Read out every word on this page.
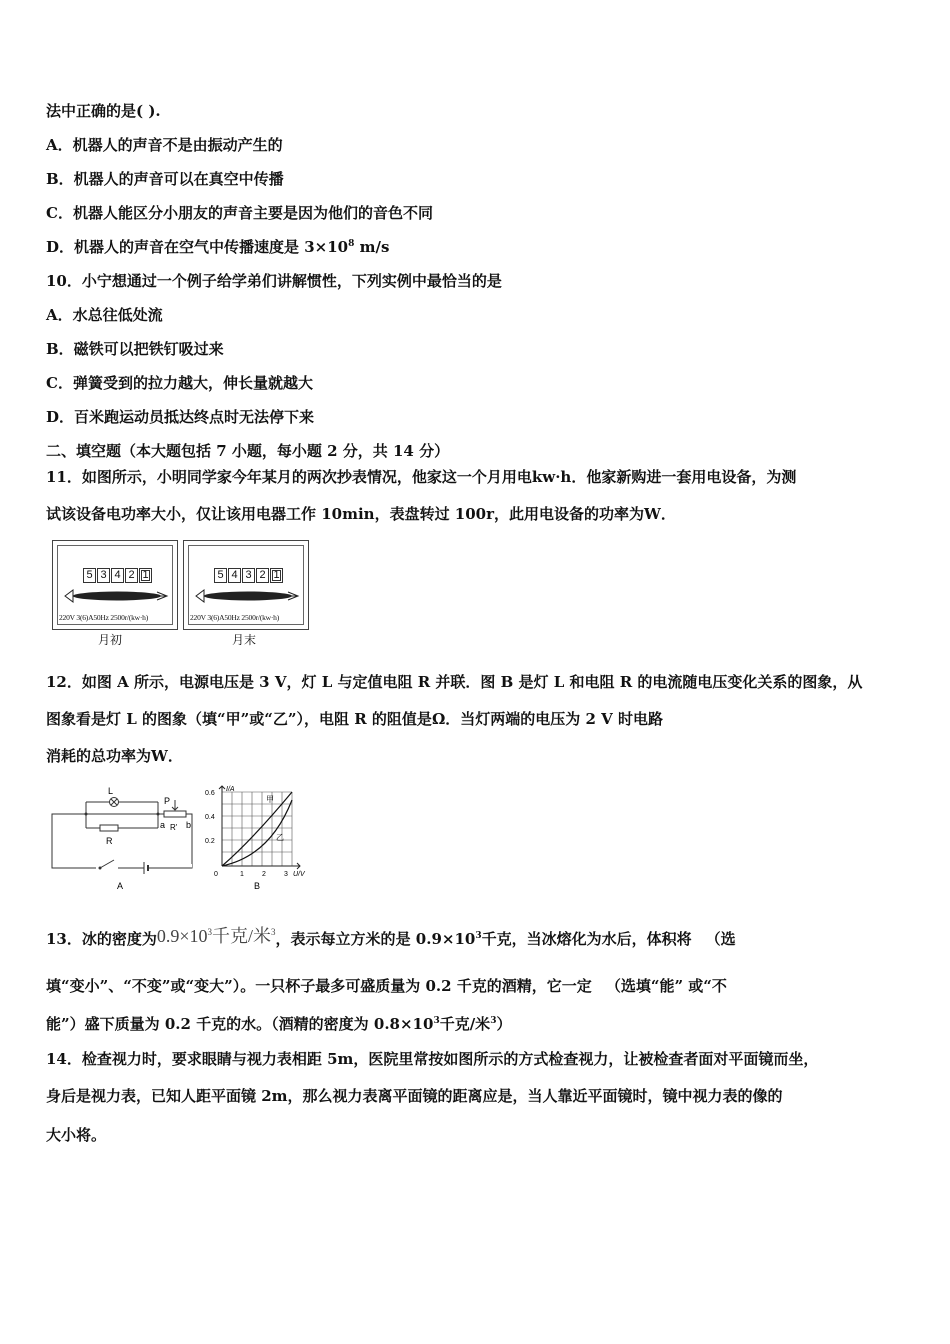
法中正确的是( ).
A．机器人的声音不是由振动产生的
B．机器人的声音可以在真空中传播
C．机器人能区分小朋友的声音主要是因为他们的音色不同
D．机器人的声音在空气中传播速度是 $3\times 10^8$ m/s
10．小宁想通过一个例子给学弟们讲解惯性，下列实例中最恰当的是
A．水总往低处流
B．磁铁可以把铁钉吸过来
C．弹簧受到的拉力越大，伸长量就越大
D．百米跑运动员抵达终点时无法停下来
二、填空题（本大题包括 7 小题，每小题 2 分，共 14 分）
11．如图所示，小明同学家今年某月的两次抄表情况，他家这一个月用电kw·h．他家新购进一套用电设备，为测
试该设备电功率大小，仅让该用电器工作 10min，表盘转过 100r，此用电设备的功率为W．
5 3 4 2 1
220V 3(6)A50Hz 2500r/(kw·h)
月初
5 4 3 2 1
220V 3(6)A50Hz 2500r/(kw·h)
月末
12．如图 A 所示，电源电压是 3 V，灯 L 与定值电阻 R 并联．图 B 是灯 L 和电阻 R 的电流随电压变化关系的图象，从
图象看是灯 L 的图象（填“甲”或“乙”），电阻 R 的阻值是Ω．当灯两端的电压为 2 V 时电路
消耗的总功率为W．
L
R
P
a b
R'
A
甲
乙
I/A
U/V
0.6
0.4
0.2
0	1	2	3
B
13．冰的密度为$0.9\times 10^3$千克/米$^3$，表示每立方米的是 $0.9\times 10^3$千克，当冰熔化为水后，体积将 （选
填“变小”、“不变”或“变大”）。一只杯子最多可盛质量为 0.2 千克的酒精，它一定 （选填“能” 或“不
能”）盛下质量为 0.2 千克的水。（酒精的密度为 $0.8\times 10^3$千克/米$^3$）
14．检查视力时，要求眼睛与视力表相距 5m，医院里常按如图所示的方式检查视力，让被检查者面对平面镜而坐，
身后是视力表，已知人距平面镜 2m，那么视力表离平面镜的距离应是，当人靠近平面镜时，镜中视力表的像的
大小将。
